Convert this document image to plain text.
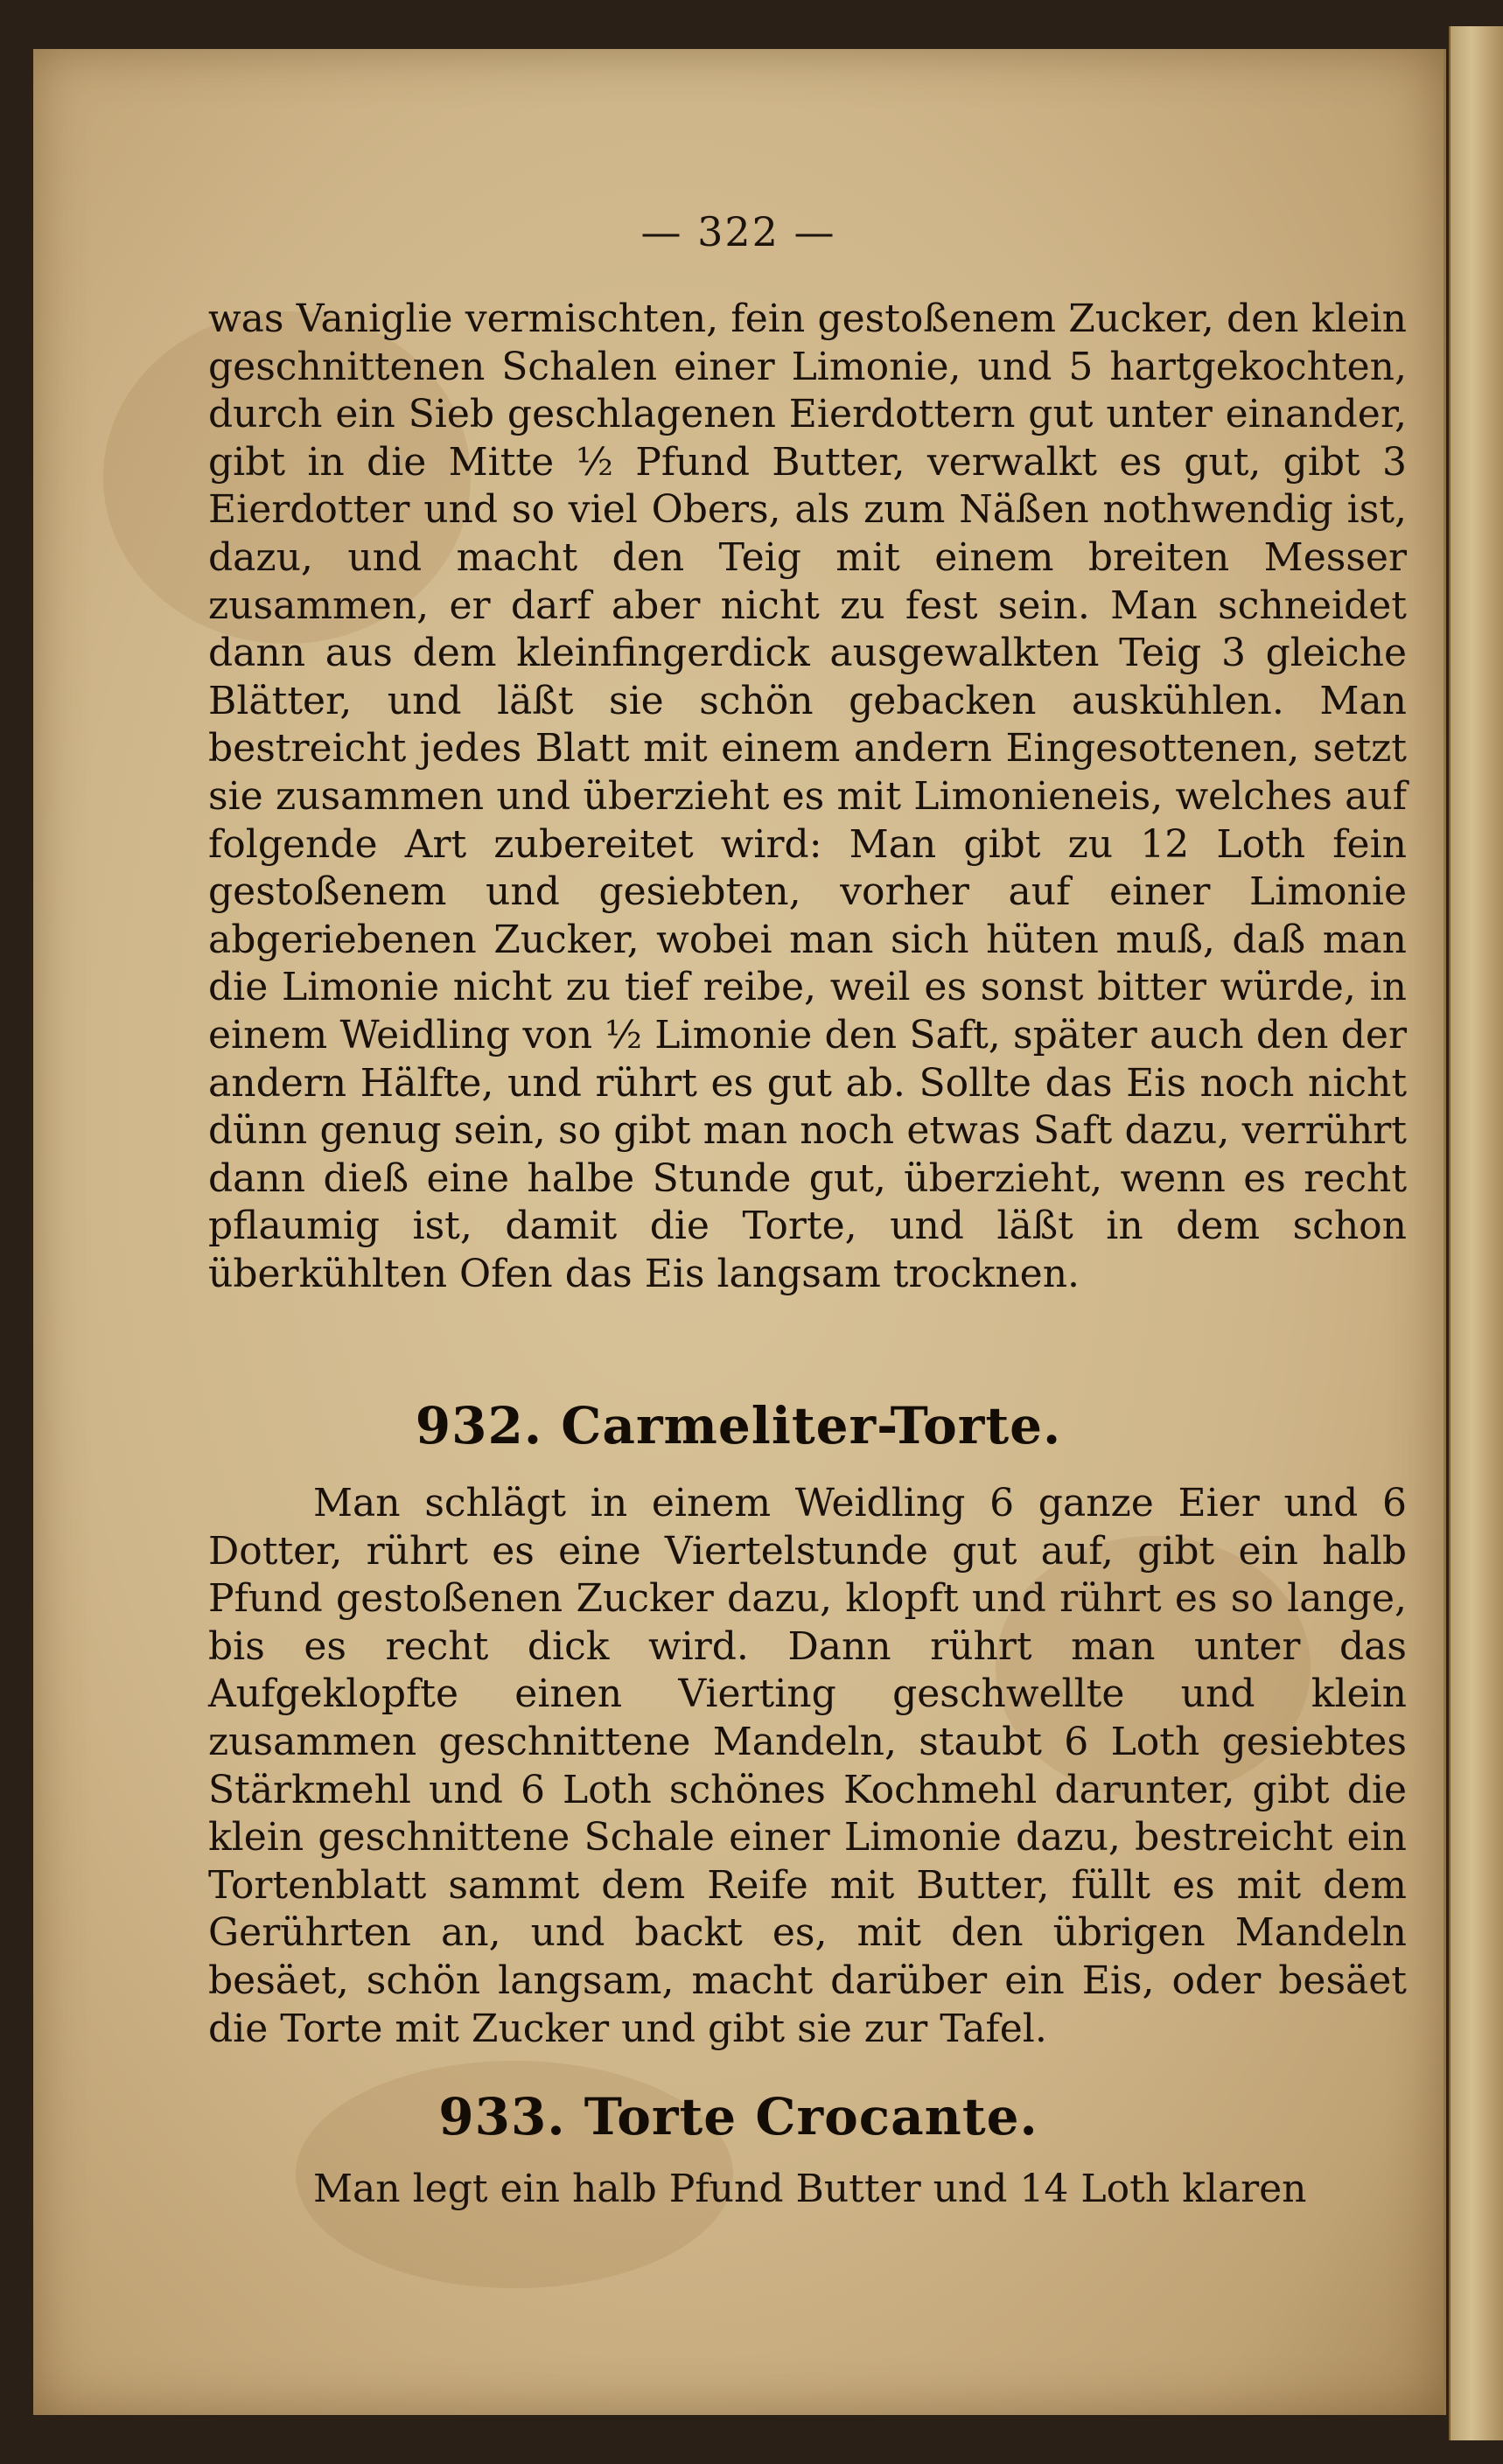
— 322 —

was Vaniglie vermischten, fein gestoßenem Zucker, den klein geschnittenen Schalen einer Limonie, und 5 hartgekochten, durch ein Sieb geschlagenen Eierdottern gut unter einander, gibt in die Mitte ½ Pfund Butter, verwalkt es gut, gibt 3 Eierdotter und so viel Obers, als zum Näßen nothwendig ist, dazu, und macht den Teig mit einem breiten Messer zusammen, er darf aber nicht zu fest sein. Man schneidet dann aus dem kleinfingerdick ausgewalkten Teig 3 gleiche Blätter, und läßt sie schön gebacken auskühlen. Man bestreicht jedes Blatt mit einem andern Eingesottenen, setzt sie zusammen und überzieht es mit Limonieneis, welches auf folgende Art zubereitet wird: Man gibt zu 12 Loth fein gestoßenem und gesiebten, vorher auf einer Limonie abgeriebenen Zucker, wobei man sich hüten muß, daß man die Limonie nicht zu tief reibe, weil es sonst bitter würde, in einem Weidling von ½ Limonie den Saft, später auch den der andern Hälfte, und rührt es gut ab. Sollte das Eis noch nicht dünn genug sein, so gibt man noch etwas Saft dazu, verrührt dann dieß eine halbe Stunde gut, überzieht, wenn es recht pflaumig ist, damit die Torte, und läßt in dem schon überkühlten Ofen das Eis langsam trocknen.

932. Carmeliter-Torte.

Man schlägt in einem Weidling 6 ganze Eier und 6 Dotter, rührt es eine Viertelstunde gut auf, gibt ein halb Pfund gestoßenen Zucker dazu, klopft und rührt es so lange, bis es recht dick wird. Dann rührt man unter das Aufgeklopfte einen Vierting geschwellte und klein zusammen geschnittene Mandeln, staubt 6 Loth gesiebtes Stärkmehl und 6 Loth schönes Kochmehl darunter, gibt die klein geschnittene Schale einer Limonie dazu, bestreicht ein Tortenblatt sammt dem Reife mit Butter, füllt es mit dem Gerührten an, und backt es, mit den übrigen Mandeln besäet, schön langsam, macht darüber ein Eis, oder besäet die Torte mit Zucker und gibt sie zur Tafel.

933. Torte Crocante.

Man legt ein halb Pfund Butter und 14 Loth klaren
